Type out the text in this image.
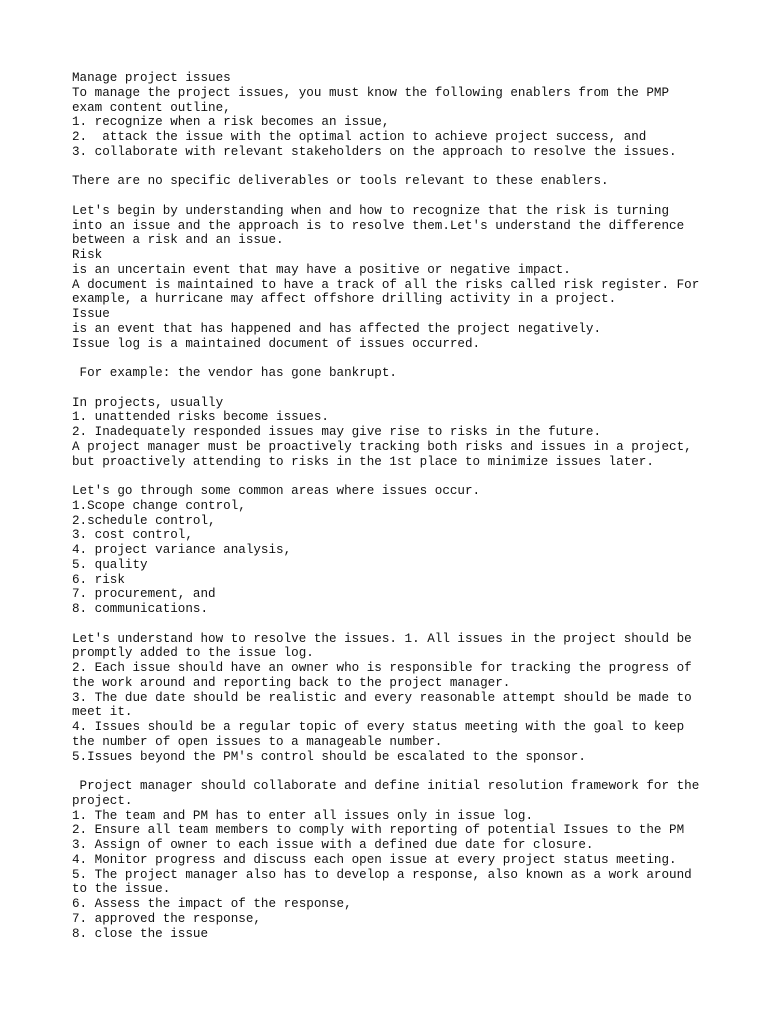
Manage project issues
To manage the project issues, you must know the following enablers from the PMP
exam content outline,
1. recognize when a risk becomes an issue,
2.  attack the issue with the optimal action to achieve project success, and
3. collaborate with relevant stakeholders on the approach to resolve the issues.
There are no specific deliverables or tools relevant to these enablers.
Let's begin by understanding when and how to recognize that the risk is turning
into an issue and the approach is to resolve them.Let's understand the difference
between a risk and an issue.
Risk
is an uncertain event that may have a positive or negative impact.
A document is maintained to have a track of all the risks called risk register. For
example, a hurricane may affect offshore drilling activity in a project.
Issue
is an event that has happened and has affected the project negatively.
Issue log is a maintained document of issues occurred.
For example: the vendor has gone bankrupt.
In projects, usually
1. unattended risks become issues.
2. Inadequately responded issues may give rise to risks in the future.
A project manager must be proactively tracking both risks and issues in a project,
but proactively attending to risks in the 1st place to minimize issues later.
Let's go through some common areas where issues occur.
1.Scope change control,
2.schedule control,
3. cost control,
4. project variance analysis,
5. quality
6. risk
7. procurement, and
8. communications.
Let's understand how to resolve the issues. 1. All issues in the project should be
promptly added to the issue log.
2. Each issue should have an owner who is responsible for tracking the progress of
the work around and reporting back to the project manager.
3. The due date should be realistic and every reasonable attempt should be made to
meet it.
4. Issues should be a regular topic of every status meeting with the goal to keep
the number of open issues to a manageable number.
5.Issues beyond the PM's control should be escalated to the sponsor.
Project manager should collaborate and define initial resolution framework for the
project.
1. The team and PM has to enter all issues only in issue log.
2. Ensure all team members to comply with reporting of potential Issues to the PM
3. Assign of owner to each issue with a defined due date for closure.
4. Monitor progress and discuss each open issue at every project status meeting.
5. The project manager also has to develop a response, also known as a work around
to the issue.
6. Assess the impact of the response,
7. approved the response,
8. close the issue
